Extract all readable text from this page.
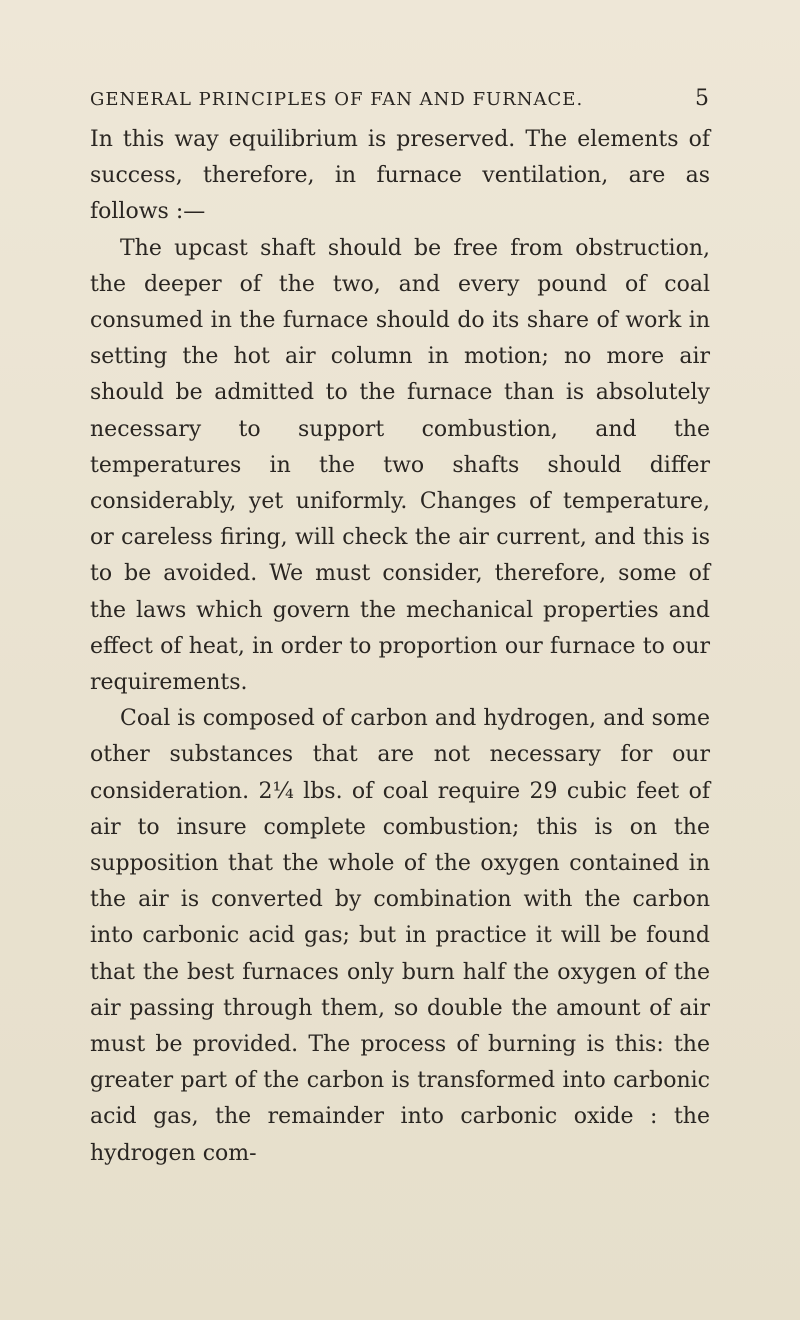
GENERAL PRINCIPLES OF FAN AND FURNACE.	5

In this way equilibrium is preserved. The elements of success, therefore, in furnace ventilation, are as follows :—

The upcast shaft should be free from obstruction, the deeper of the two, and every pound of coal consumed in the furnace should do its share of work in setting the hot air column in motion; no more air should be admitted to the furnace than is absolutely necessary to support combustion, and the temperatures in the two shafts should differ considerably, yet uniformly. Changes of temperature, or careless firing, will check the air current, and this is to be avoided. We must consider, therefore, some of the laws which govern the mechanical properties and effect of heat, in order to proportion our furnace to our requirements.

Coal is composed of carbon and hydrogen, and some other substances that are not necessary for our consideration. 2¼ lbs. of coal require 29 cubic feet of air to insure complete combustion; this is on the supposition that the whole of the oxygen contained in the air is converted by combination with the carbon into carbonic acid gas; but in practice it will be found that the best furnaces only burn half the oxygen of the air passing through them, so double the amount of air must be provided. The process of burning is this: the greater part of the carbon is transformed into carbonic acid gas, the remainder into carbonic oxide : the hydrogen com-
